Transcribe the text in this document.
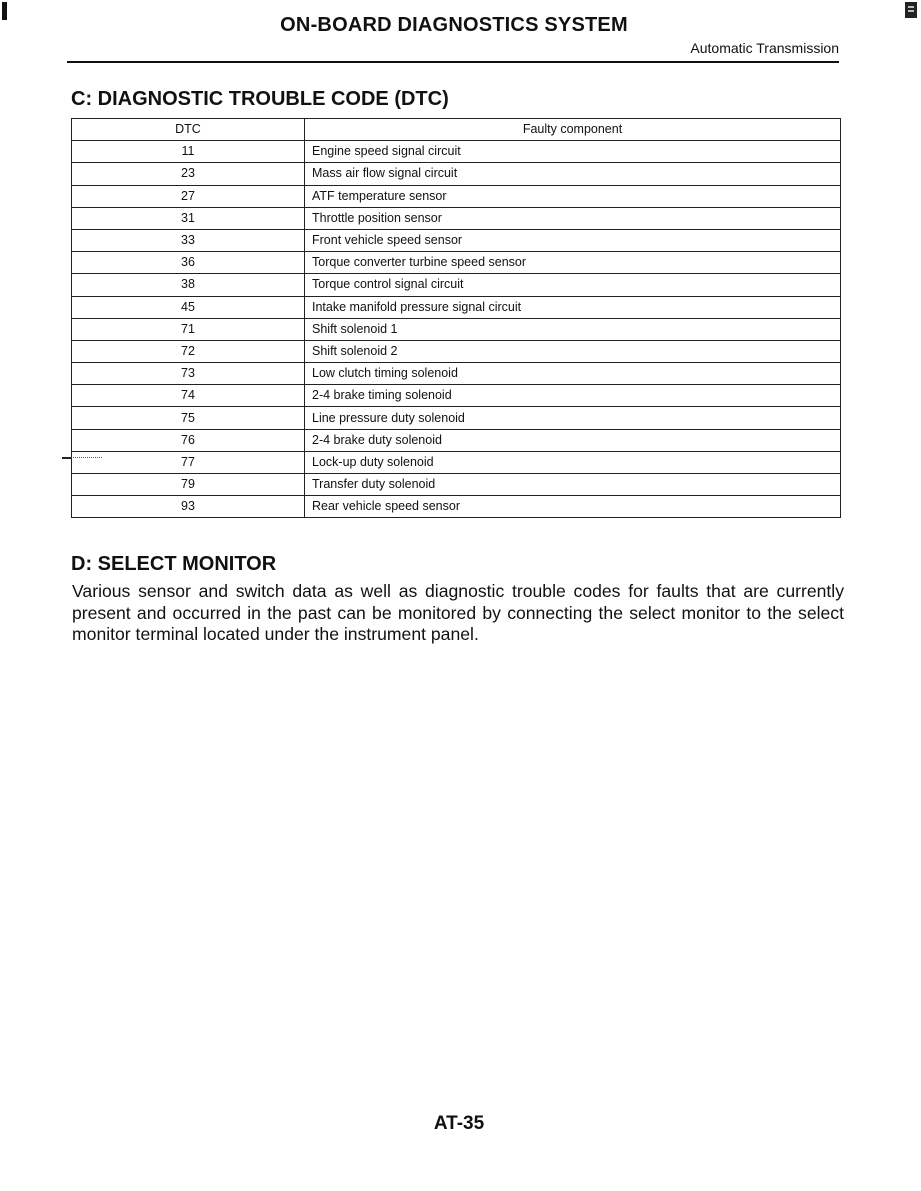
ON-BOARD DIAGNOSTICS SYSTEM
Automatic Transmission
C: DIAGNOSTIC TROUBLE CODE (DTC)
DTC	Faulty component
11	Engine speed signal circuit
23	Mass air flow signal circuit
27	ATF temperature sensor
31	Throttle position sensor
33	Front vehicle speed sensor
36	Torque converter turbine speed sensor
38	Torque control signal circuit
45	Intake manifold pressure signal circuit
71	Shift solenoid 1
72	Shift solenoid 2
73	Low clutch timing solenoid
74	2-4 brake timing solenoid
75	Line pressure duty solenoid
76	2-4 brake duty solenoid
77	Lock-up duty solenoid
79	Transfer duty solenoid
93	Rear vehicle speed sensor
D: SELECT MONITOR

Various sensor and switch data as well as diagnostic trouble codes for faults that are currently present and occurred in the past can be monitored by connecting the select monitor to the select monitor terminal located under the instrument panel.

AT-35
